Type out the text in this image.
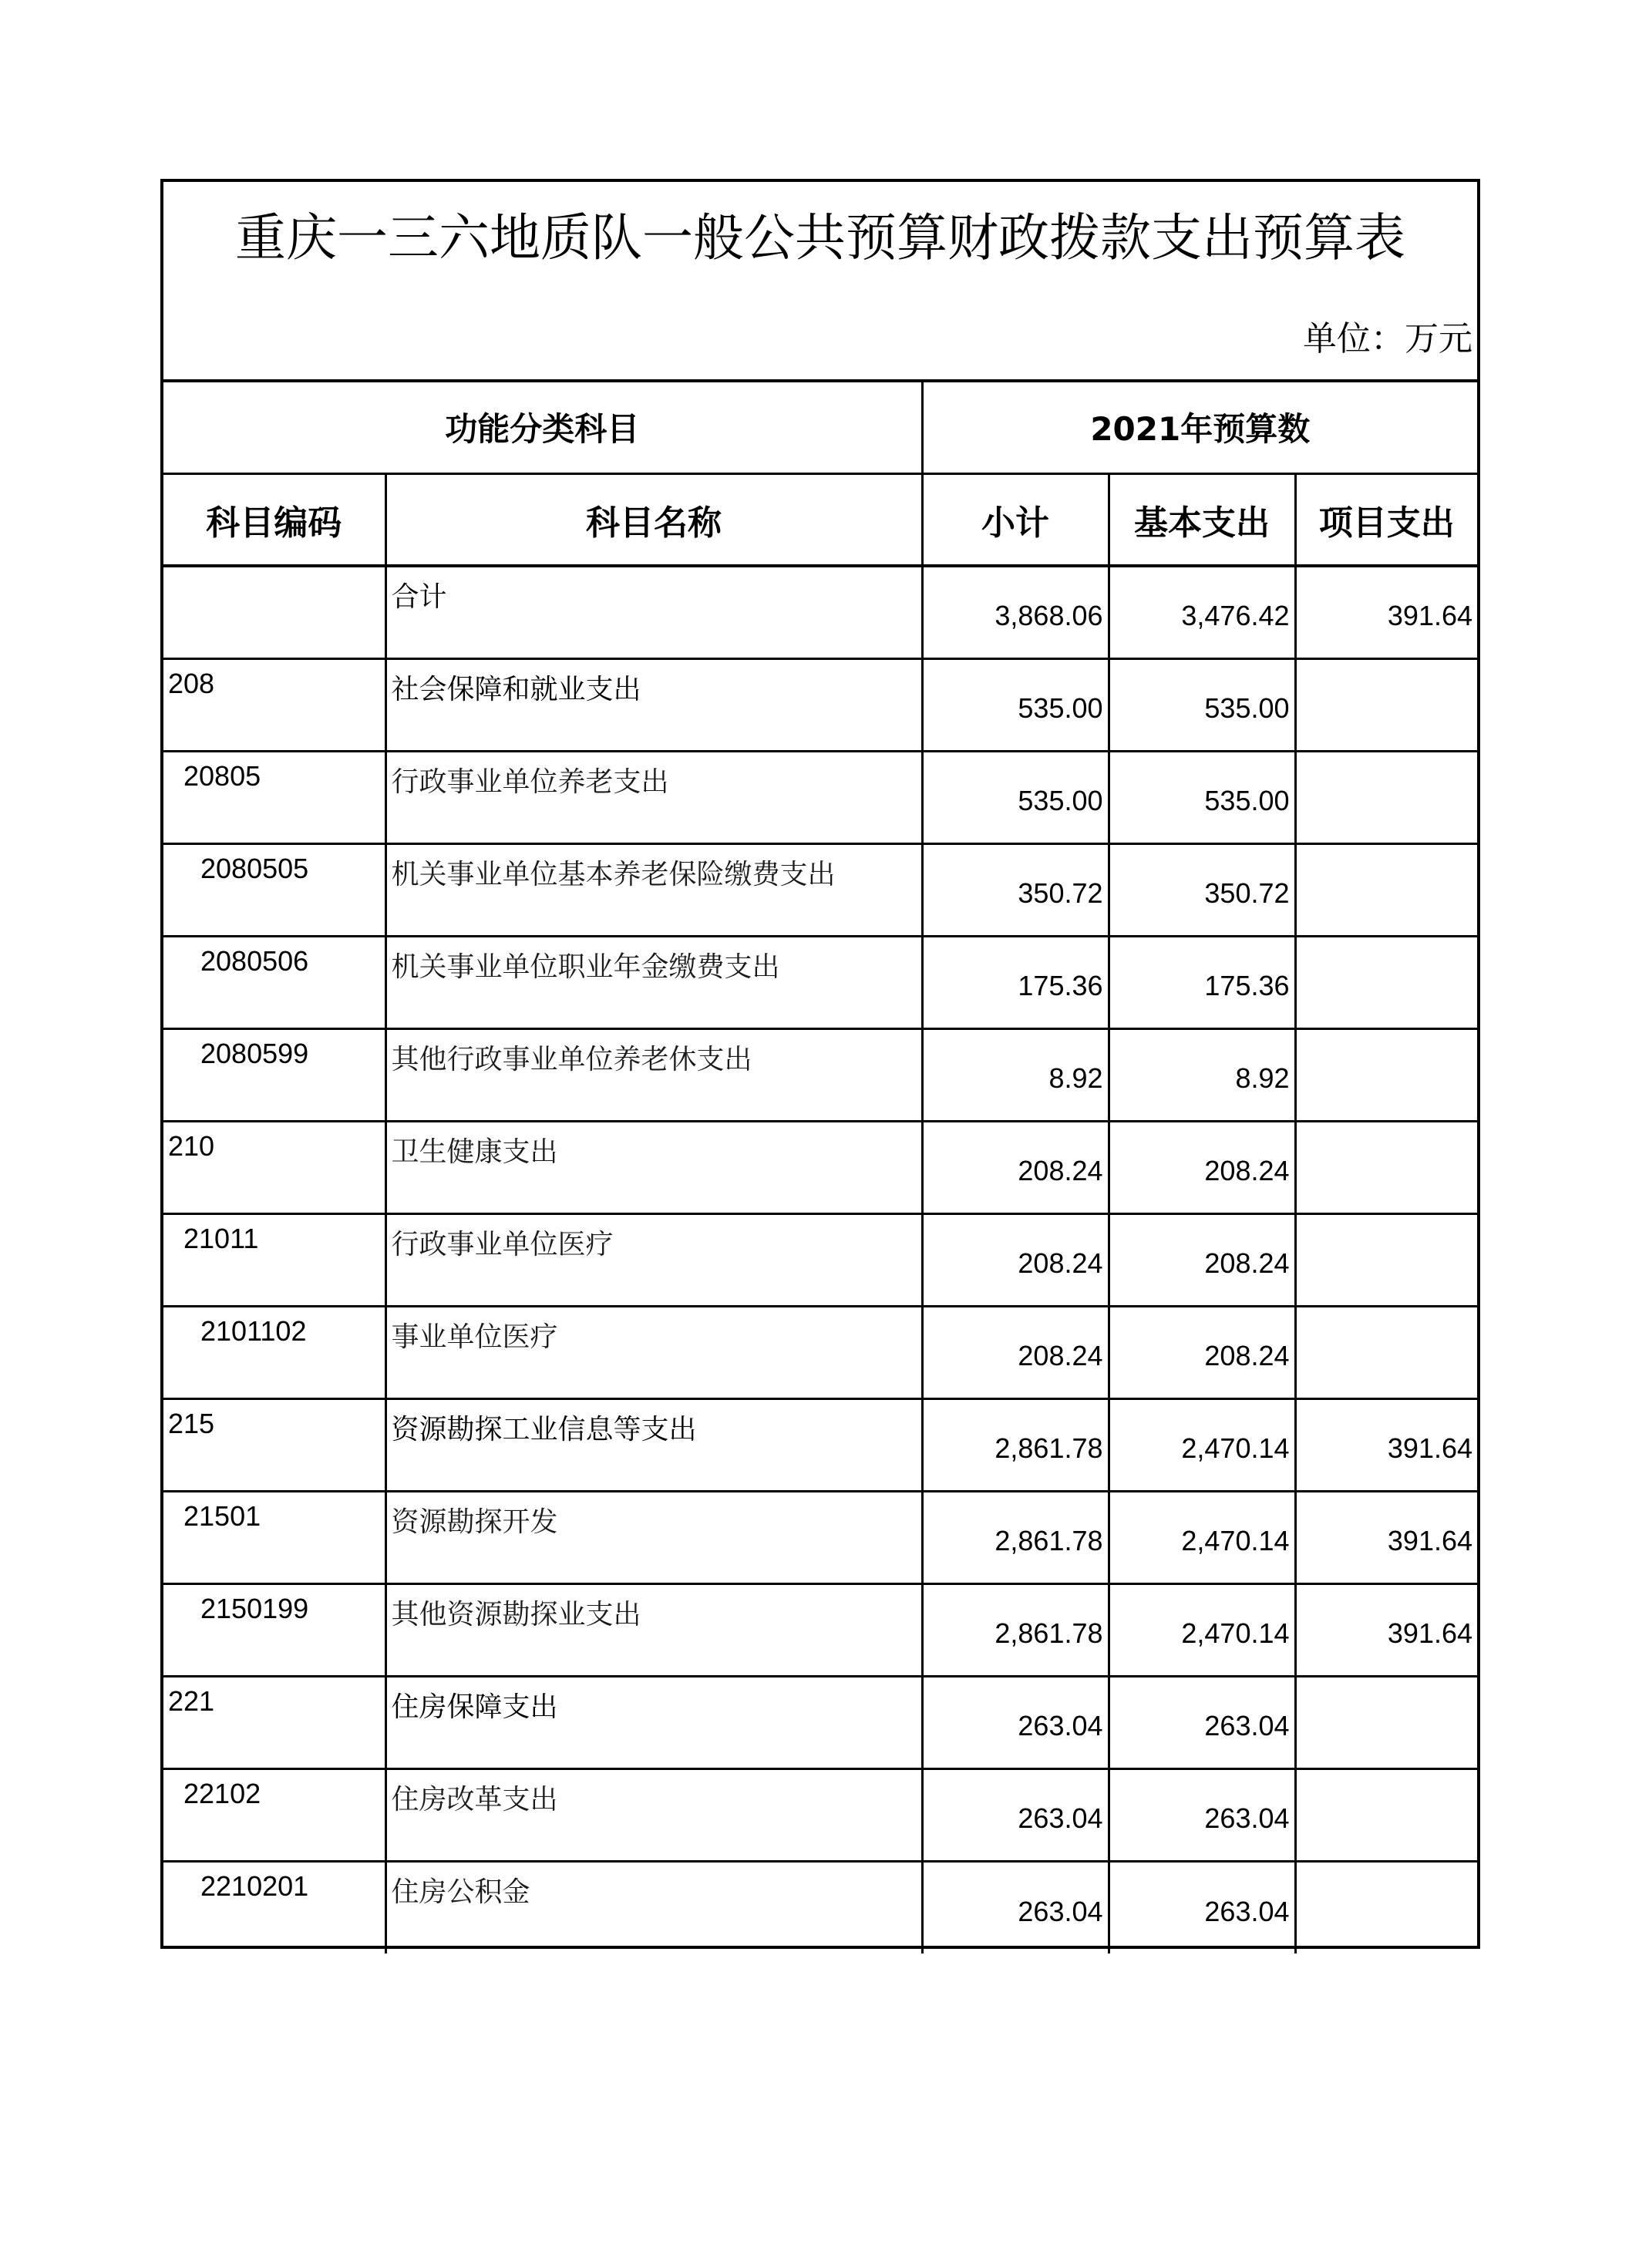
重庆一三六地质队一般公共预算财政拨款支出预算表
单位：万元
功能分类科目		2021年预算数		
科目编码	科目名称	小计	基本支出	项目支出
	合计	3,868.06	3,476.42	391.64
208	社会保障和就业支出	535.00	535.00	
20805	行政事业单位养老支出	535.00	535.00	
2080505	机关事业单位基本养老保险缴费支出	350.72	350.72	
2080506	机关事业单位职业年金缴费支出	175.36	175.36	
2080599	其他行政事业单位养老休支出	8.92	8.92	
210	卫生健康支出	208.24	208.24	
21011	行政事业单位医疗	208.24	208.24	
2101102	事业单位医疗	208.24	208.24	
215	资源勘探工业信息等支出	2,861.78	2,470.14	391.64
21501	资源勘探开发	2,861.78	2,470.14	391.64
2150199	其他资源勘探业支出	2,861.78	2,470.14	391.64
221	住房保障支出	263.04	263.04	
22102	住房改革支出	263.04	263.04	
2210201	住房公积金	263.04	263.04	
